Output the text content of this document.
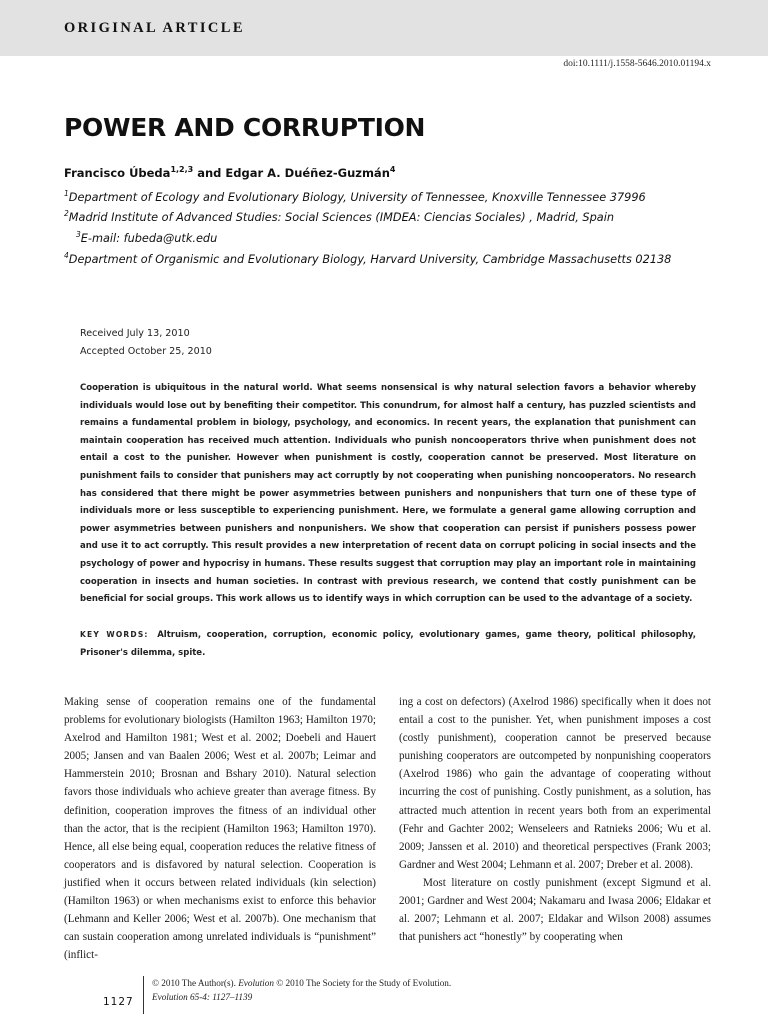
ORIGINAL ARTICLE
doi:10.1111/j.1558-5646.2010.01194.x
POWER AND CORRUPTION
Francisco Úbeda$^{1,2,3}$ and Edgar A. Duéñez-Guzmán$^4$
$^1$Department of Ecology and Evolutionary Biology, University of Tennessee, Knoxville Tennessee 37996
$^2$Madrid Institute of Advanced Studies: Social Sciences (IMDEA: Ciencias Sociales) , Madrid, Spain
$^3$E-mail: fubeda@utk.edu
$^4$Department of Organismic and Evolutionary Biology, Harvard University, Cambridge Massachusetts 02138
Received July 13, 2010
Accepted October 25, 2010

Cooperation is ubiquitous in the natural world. What seems nonsensical is why natural selection favors a behavior whereby individuals would lose out by benefiting their competitor. This conundrum, for almost half a century, has puzzled scientists and remains a fundamental problem in biology, psychology, and economics. In recent years, the explanation that punishment can maintain cooperation has received much attention. Individuals who punish noncooperators thrive when punishment does not entail a cost to the punisher. However when punishment is costly, cooperation cannot be preserved. Most literature on punishment fails to consider that punishers may act corruptly by not cooperating when punishing noncooperators. No research has considered that there might be power asymmetries between punishers and nonpunishers that turn one of these type of individuals more or less susceptible to experiencing punishment. Here, we formulate a general game allowing corruption and power asymmetries between punishers and nonpunishers. We show that cooperation can persist if punishers possess power and use it to act corruptly. This result provides a new interpretation of recent data on corrupt policing in social insects and the psychology of power and hypocrisy in humans. These results suggest that corruption may play an important role in maintaining cooperation in insects and human societies. In contrast with previous research, we contend that costly punishment can be beneficial for social groups. This work allows us to identify ways in which corruption can be used to the advantage of a society.

KEY WORDS: Altruism, cooperation, corruption, economic policy, evolutionary games, game theory, political philosophy, Prisoner's dilemma, spite.

Making sense of cooperation remains one of the fundamental problems for evolutionary biologists (Hamilton 1963; Hamilton 1970; Axelrod and Hamilton 1981; West et al. 2002; Doebeli and Hauert 2005; Jansen and van Baalen 2006; West et al. 2007b; Leimar and Hammerstein 2010; Brosnan and Bshary 2010). Natural selection favors those individuals who achieve greater than average fitness. By definition, cooperation improves the fitness of an individual other than the actor, that is the recipient (Hamilton 1963; Hamilton 1970). Hence, all else being equal, cooperation reduces the relative fitness of cooperators and is disfavored by natural selection. Cooperation is justified when it occurs between related individuals (kin selection) (Hamilton 1963) or when mechanisms exist to enforce this behavior (Lehmann and Keller 2006; West et al. 2007b). One mechanism that can sustain cooperation among unrelated individuals is “punishment” (inflict-

ing a cost on defectors) (Axelrod 1986) specifically when it does not entail a cost to the punisher. Yet, when punishment imposes a cost (costly punishment), cooperation cannot be preserved because punishing cooperators are outcompeted by nonpunishing cooperators (Axelrod 1986) who gain the advantage of cooperating without incurring the cost of punishing. Costly punishment, as a solution, has attracted much attention in recent years both from an experimental (Fehr and Gachter 2002; Wenseleers and Ratnieks 2006; Wu et al. 2009; Janssen et al. 2010) and theoretical perspectives (Frank 2003; Gardner and West 2004; Lehmann et al. 2007; Dreber et al. 2008).
Most literature on costly punishment (except Sigmund et al. 2001; Gardner and West 2004; Nakamaru and Iwasa 2006; Eldakar et al. 2007; Lehmann et al. 2007; Eldakar and Wilson 2008) assumes that punishers act “honestly” by cooperating when
1127
© 2010 The Author(s). Evolution © 2010 The Society for the Study of Evolution.
Evolution 65-4: 1127–1139
